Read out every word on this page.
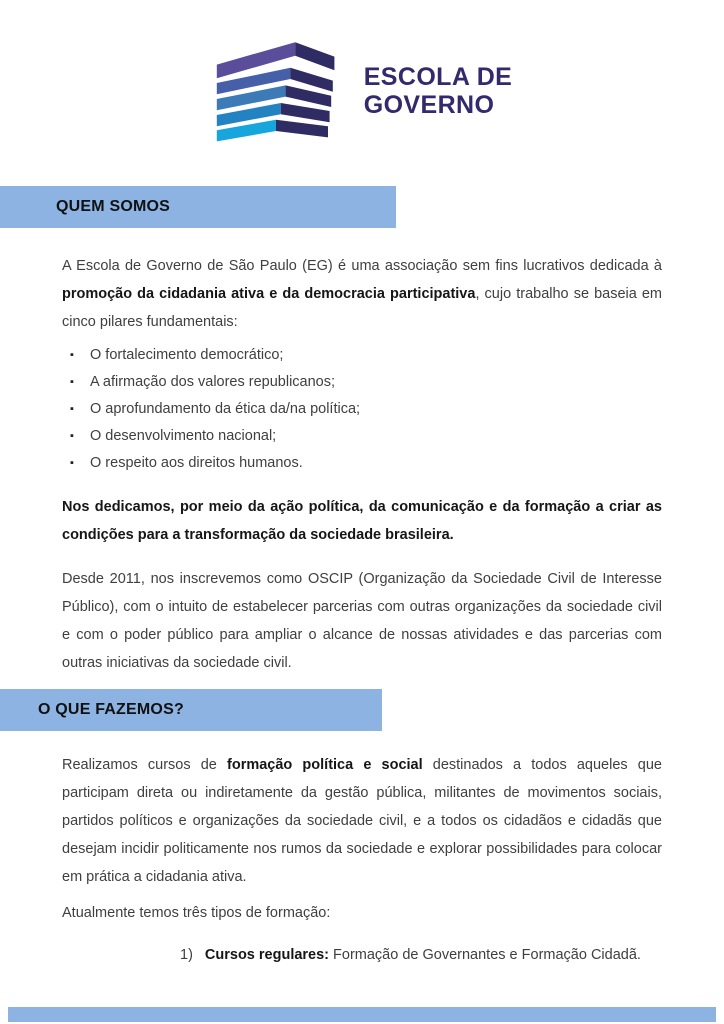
ESCOLA DE
GOVERNO
QUEM SOMOS

A Escola de Governo de São Paulo (EG) é uma associação sem fins lucrativos dedicada à promoção da cidadania ativa e da democracia participativa, cujo trabalho se baseia em cinco pilares fundamentais:

▪ O fortalecimento democrático;
▪ A afirmação dos valores republicanos;
▪ O aprofundamento da ética da/na política;
▪ O desenvolvimento nacional;
▪ O respeito aos direitos humanos.

Nos dedicamos, por meio da ação política, da comunicação e da formação a criar as condições para a transformação da sociedade brasileira.

Desde 2011, nos inscrevemos como OSCIP (Organização da Sociedade Civil de Interesse Público), com o intuito de estabelecer parcerias com outras organizações da sociedade civil e com o poder público para ampliar o alcance de nossas atividades e das parcerias com outras iniciativas da sociedade civil.

O QUE FAZEMOS?

Realizamos cursos de formação política e social destinados a todos aqueles que participam direta ou indiretamente da gestão pública, militantes de movimentos sociais, partidos políticos e organizações da sociedade civil, e a todos os cidadãos e cidadãs que desejam incidir politicamente nos rumos da sociedade e explorar possibilidades para colocar em prática a cidadania ativa.

Atualmente temos três tipos de formação:

1) Cursos regulares: Formação de Governantes e Formação Cidadã.
